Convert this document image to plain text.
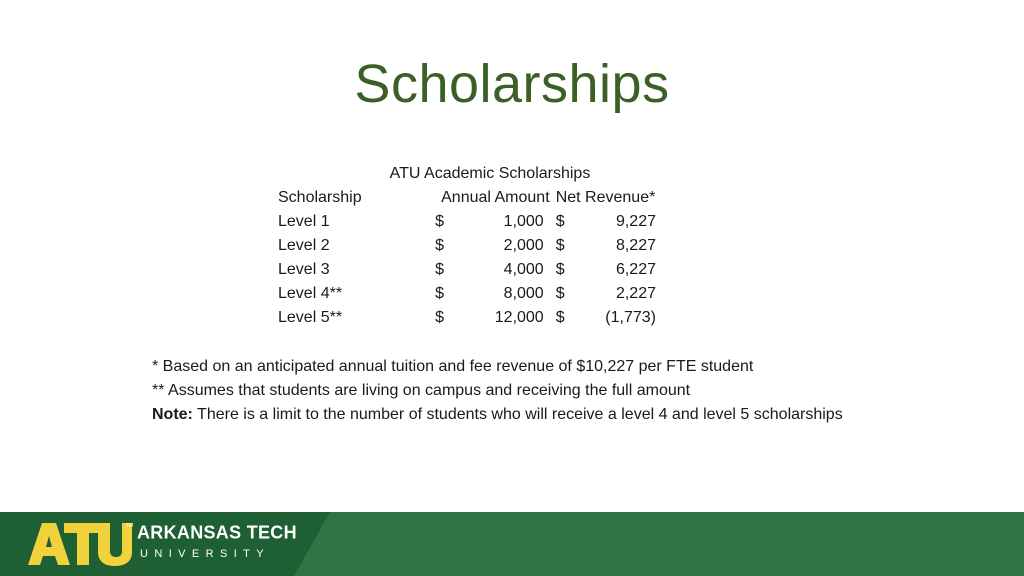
Scholarships
ATU Academic Scholarships
Scholarship	Annual Amount		Net Revenue*	
Level 1	$	1,000	$	9,227
Level 2	$	2,000	$	8,227
Level 3	$	4,000	$	6,227
Level 4**	$	8,000	$	2,227
Level 5**	$	12,000	$	(1,773)
* Based on an anticipated annual tuition and fee revenue of $10,227 per FTE student
** Assumes that students are living on campus and receiving the full amount
Note: There is a limit to the number of students who will receive a level 4 and level 5 scholarships
TM ARKANSAS TECH
UNIVERSITY
